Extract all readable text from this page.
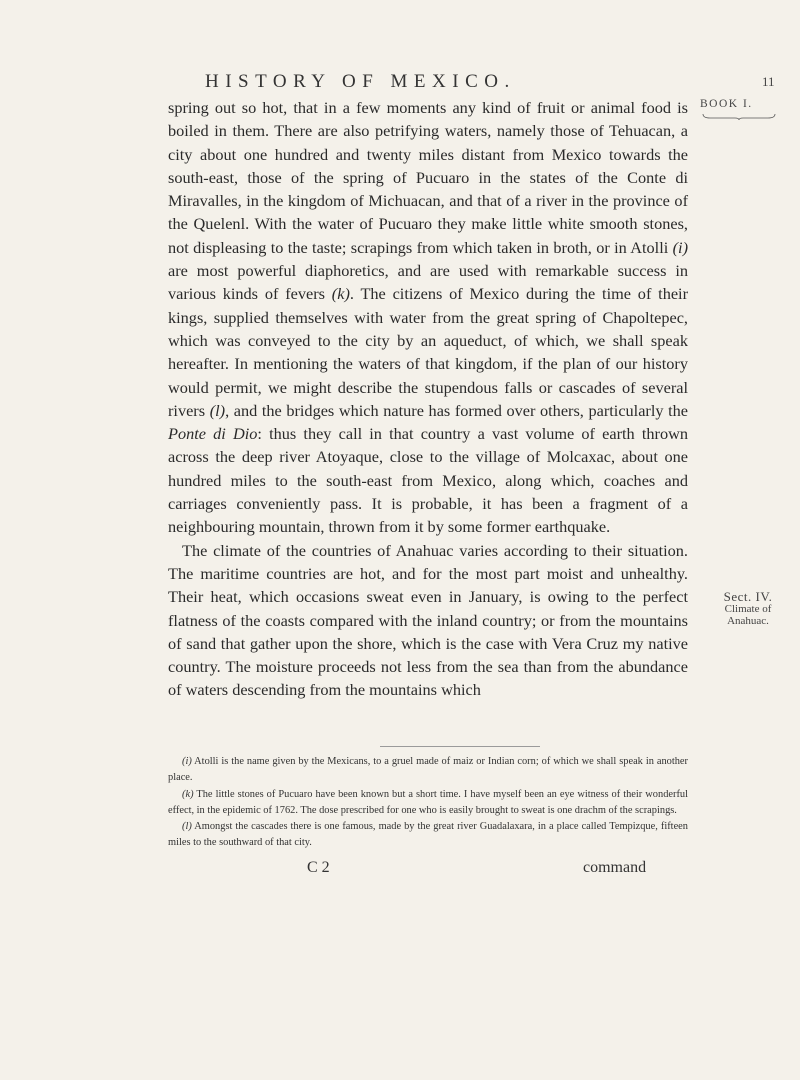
HISTORY OF MEXICO.	11
BOOK I.
Sect. IV.
Climate of Anahuac.

spring out so hot, that in a few moments any kind of fruit or animal food is boiled in them. There are also petrifying waters, namely those of Tehuacan, a city about one hundred and twenty miles distant from Mexico towards the south-east, those of the spring of Pucuaro in the states of the Conte di Miravalles, in the kingdom of Michuacan, and that of a river in the province of the Quelenl. With the water of Pucuaro they make little white smooth stones, not displeasing to the taste; scrapings from which taken in broth, or in Atolli (i) are most powerful diaphoretics, and are used with remarkable success in various kinds of fevers (k). The citizens of Mexico during the time of their kings, supplied themselves with water from the great spring of Chapoltepec, which was conveyed to the city by an aqueduct, of which, we shall speak hereafter. In mentioning the waters of that kingdom, if the plan of our history would permit, we might describe the stupendous falls or cascades of several rivers (l), and the bridges which nature has formed over others, particularly the Ponte di Dio: thus they call in that country a vast volume of earth thrown across the deep river Atoyaque, close to the village of Molcaxac, about one hundred miles to the south-east from Mexico, along which, coaches and carriages conveniently pass. It is probable, it has been a fragment of a neighbouring mountain, thrown from it by some former earthquake.

The climate of the countries of Anahuac varies according to their situation. The maritime countries are hot, and for the most part moist and unhealthy. Their heat, which occasions sweat even in January, is owing to the perfect flatness of the coasts compared with the inland country; or from the mountains of sand that gather upon the shore, which is the case with Vera Cruz my native country. The moisture proceeds not less from the sea than from the abundance of waters descending from the mountains which

(i) Atolli is the name given by the Mexicans, to a gruel made of maiz or Indian corn; of which we shall speak in another place.

(k) The little stones of Pucuaro have been known but a short time. I have myself been an eye witness of their wonderful effect, in the epidemic of 1762. The dose prescribed for one who is easily brought to sweat is one drachm of the scrapings.

(l) Amongst the cascades there is one famous, made by the great river Guadalaxara, in a place called Tempizque, fifteen miles to the southward of that city.

C 2	command
